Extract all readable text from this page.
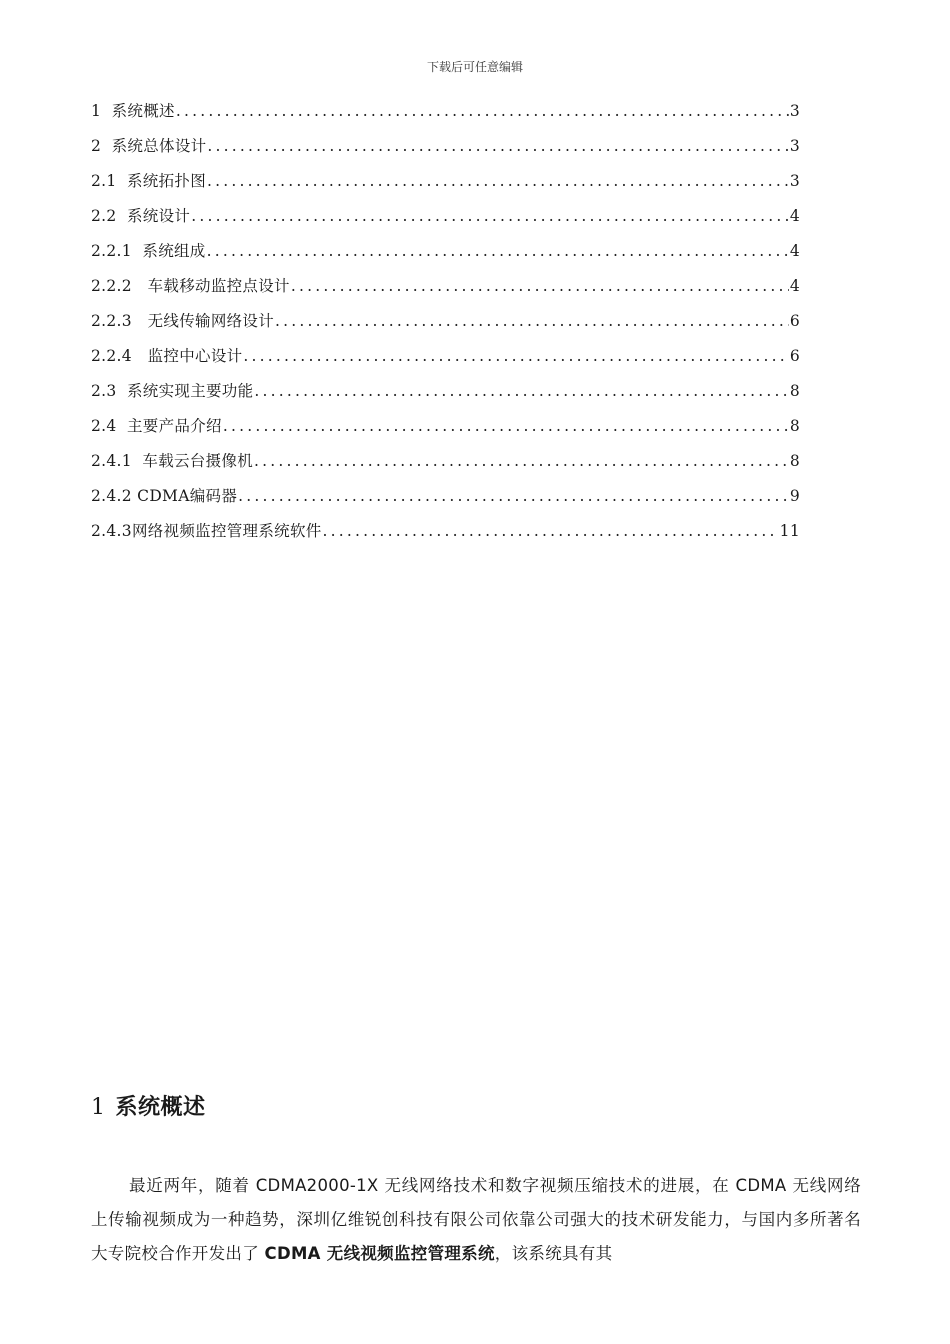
下载后可任意编辑
1  系统概述 .....	3
2  系统总体设计 .....	3
2.1  系统拓扑图 .....	3
2.2  系统设计 .....	4
2.2.1  系统组成 .....	4
2.2.2   车载移动监控点设计 .....	4
2.2.3   无线传输网络设计 .....	6
2.2.4   监控中心设计 .....	6
2.3  系统实现主要功能 .....	8
2.4  主要产品介绍 .....	8
2.4.1  车载云台摄像机 .....	8
2.4.2 CDMA编码器 .....	9
2.4.3网络视频监控管理系统软件 .....	11
1 系统概述

最近两年，随着 CDMA2000-1X 无线网络技术和数字视频压缩技术的进展，在 CDMA 无线网络上传输视频成为一种趋势，深圳亿维锐创科技有限公司依靠公司强大的技术研发能力，与国内多所著名大专院校合作开发出了 CDMA 无线视频监控管理系统，该系统具有其
